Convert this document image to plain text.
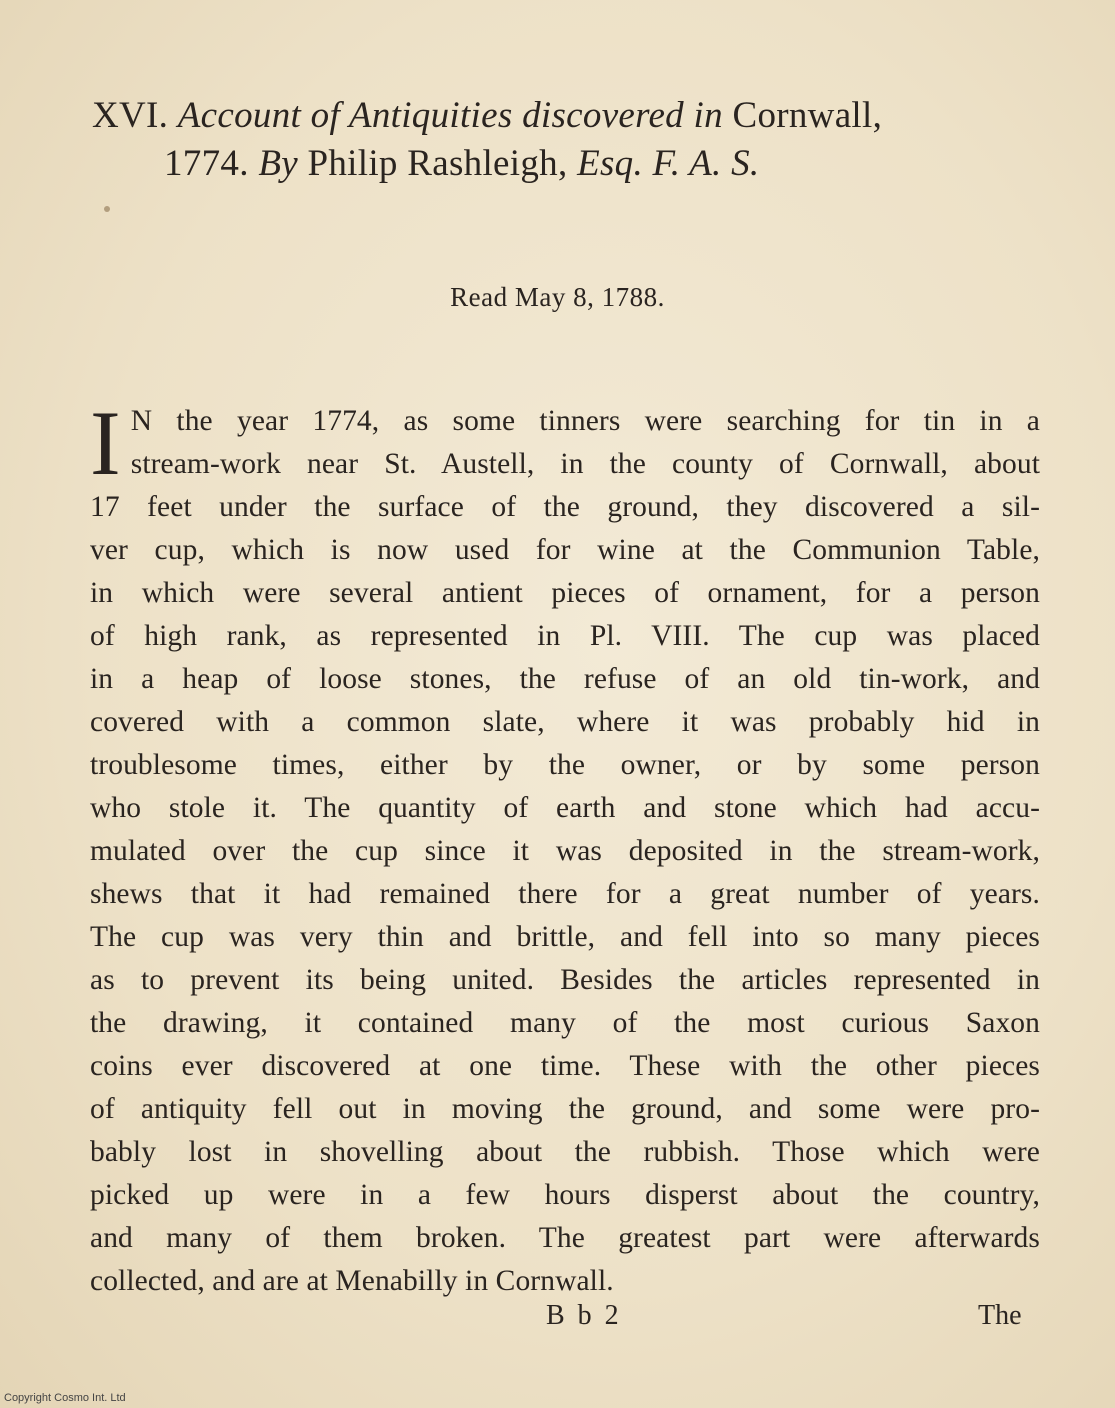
XVI. Account of Antiquities discovered in Cornwall,
1774. By Philip Rashleigh, Esq. F. A. S.
Read May 8, 1788.
I N the year 1774, as some tinners were searching for tin in a
stream-work near St. Austell, in the county of Cornwall, about
17 feet under the surface of the ground, they discovered a sil-
ver cup, which is now used for wine at the Communion Table,
in which were several antient pieces of ornament, for a person
of high rank, as represented in Pl. VIII. The cup was placed
in a heap of loose stones, the refuse of an old tin-work, and
covered with a common slate, where it was probably hid in
troublesome times, either by the owner, or by some person
who stole it. The quantity of earth and stone which had accu-
mulated over the cup since it was deposited in the stream-work,
shews that it had remained there for a great number of years.
The cup was very thin and brittle, and fell into so many pieces
as to prevent its being united. Besides the articles represented in
the drawing, it contained many of the most curious Saxon
coins ever discovered at one time. These with the other pieces
of antiquity fell out in moving the ground, and some were pro-
bably lost in shovelling about the rubbish. Those which were
picked up were in a few hours disperst about the country,
and many of them broken. The greatest part were afterwards
collected, and are at Menabilly in Cornwall.
B b 2	The
Copyright Cosmo Int. Ltd
